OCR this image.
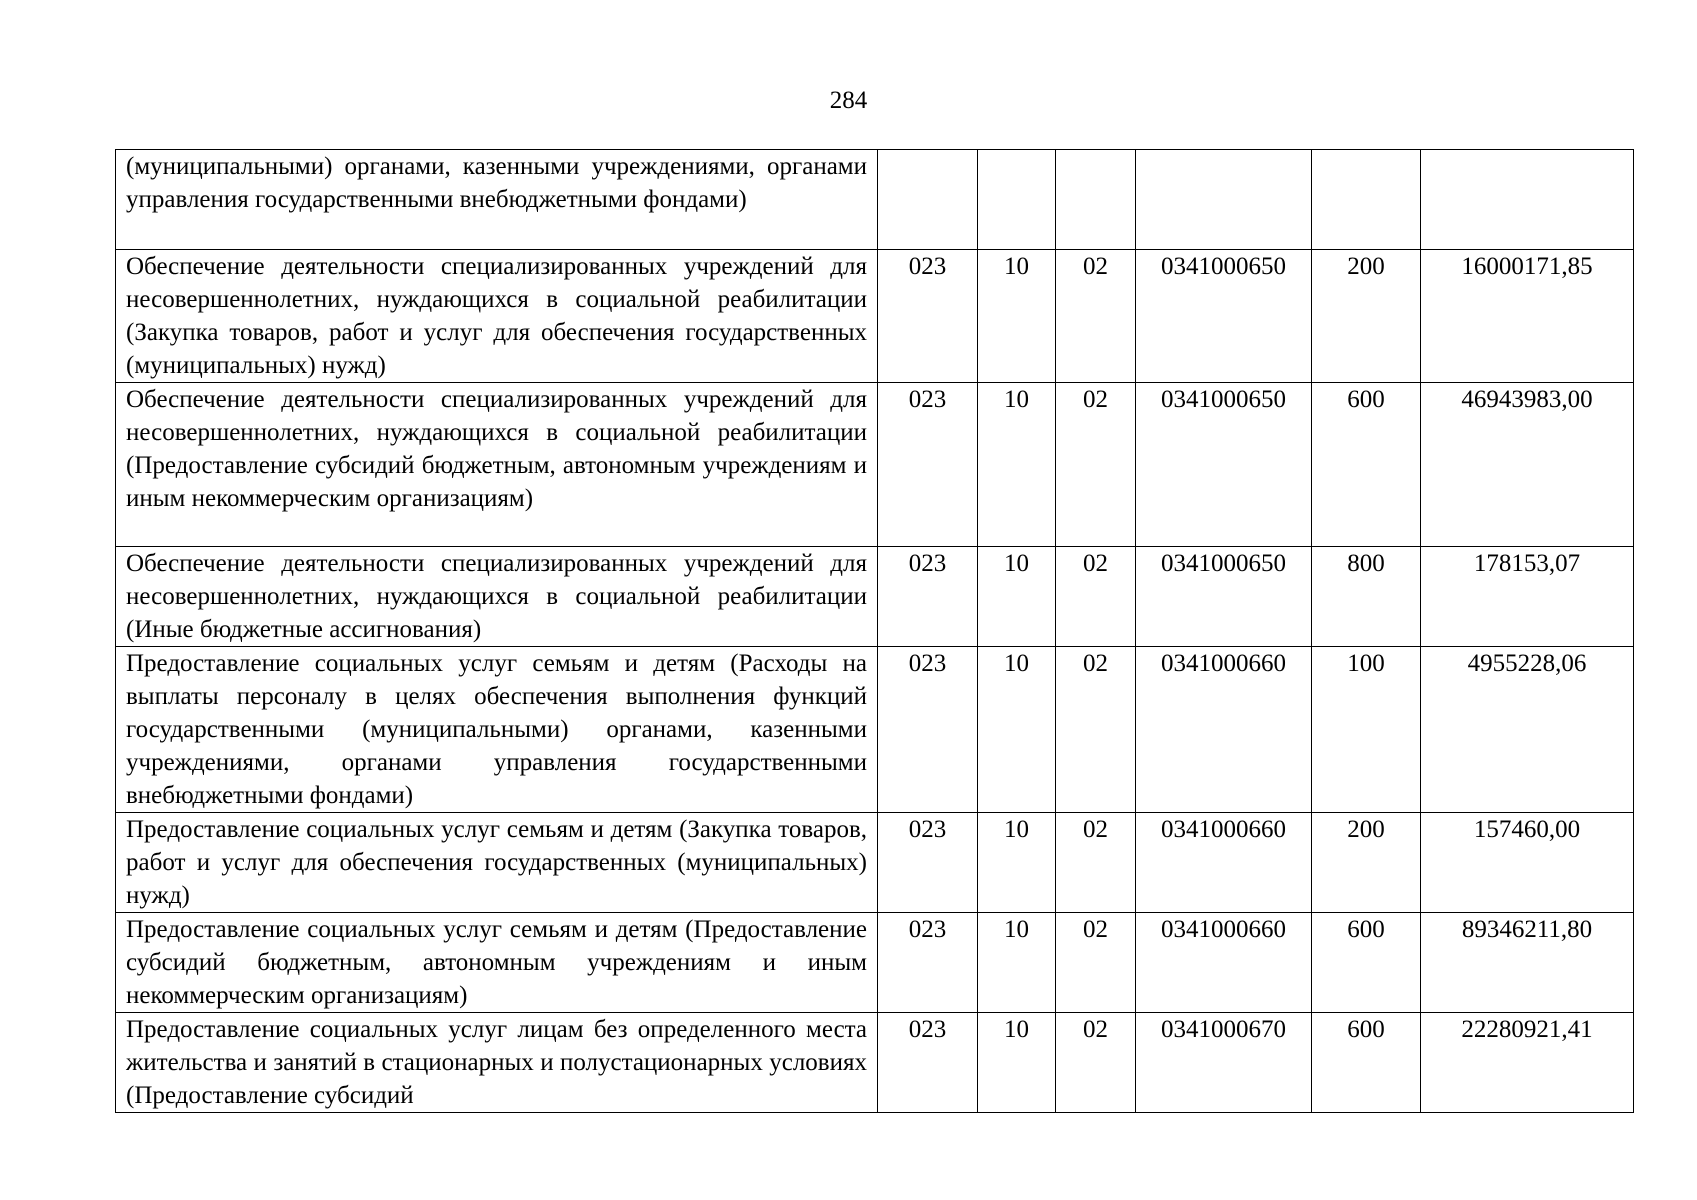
284
(муниципальными) органами, казенными учреждениями, органами управления государственными внебюджетными фондами)						
Обеспечение деятельности специализированных учреждений для несовершеннолетних, нуждающихся в социальной реабилитации (Закупка товаров, работ и услуг для обеспечения государственных (муниципальных) нужд)	023	10	02	0341000650	200	16000171,85
Обеспечение деятельности специализированных учреждений для несовершеннолетних, нуждающихся в социальной реабилитации (Предоставление субсидий бюджетным, автономным учреждениям и иным некоммерческим организациям)	023	10	02	0341000650	600	46943983,00
Обеспечение деятельности специализированных учреждений для несовершеннолетних, нуждающихся в социальной реабилитации (Иные бюджетные ассигнования)	023	10	02	0341000650	800	178153,07
Предоставление социальных услуг семьям и детям (Расходы на выплаты персоналу в целях обеспечения выполнения функций государственными (муниципальными) органами, казенными учреждениями, органами управления государственными внебюджетными фондами)	023	10	02	0341000660	100	4955228,06
Предоставление социальных услуг семьям и детям (Закупка товаров, работ и услуг для обеспечения государственных (муниципальных) нужд)	023	10	02	0341000660	200	157460,00
Предоставление социальных услуг семьям и детям (Предоставление субсидий бюджетным, автономным учреждениям и иным некоммерческим организациям)	023	10	02	0341000660	600	89346211,80
Предоставление социальных услуг лицам без определенного места жительства и занятий в стационарных и полустационарных условиях (Предоставление субсидий	023	10	02	0341000670	600	22280921,41
